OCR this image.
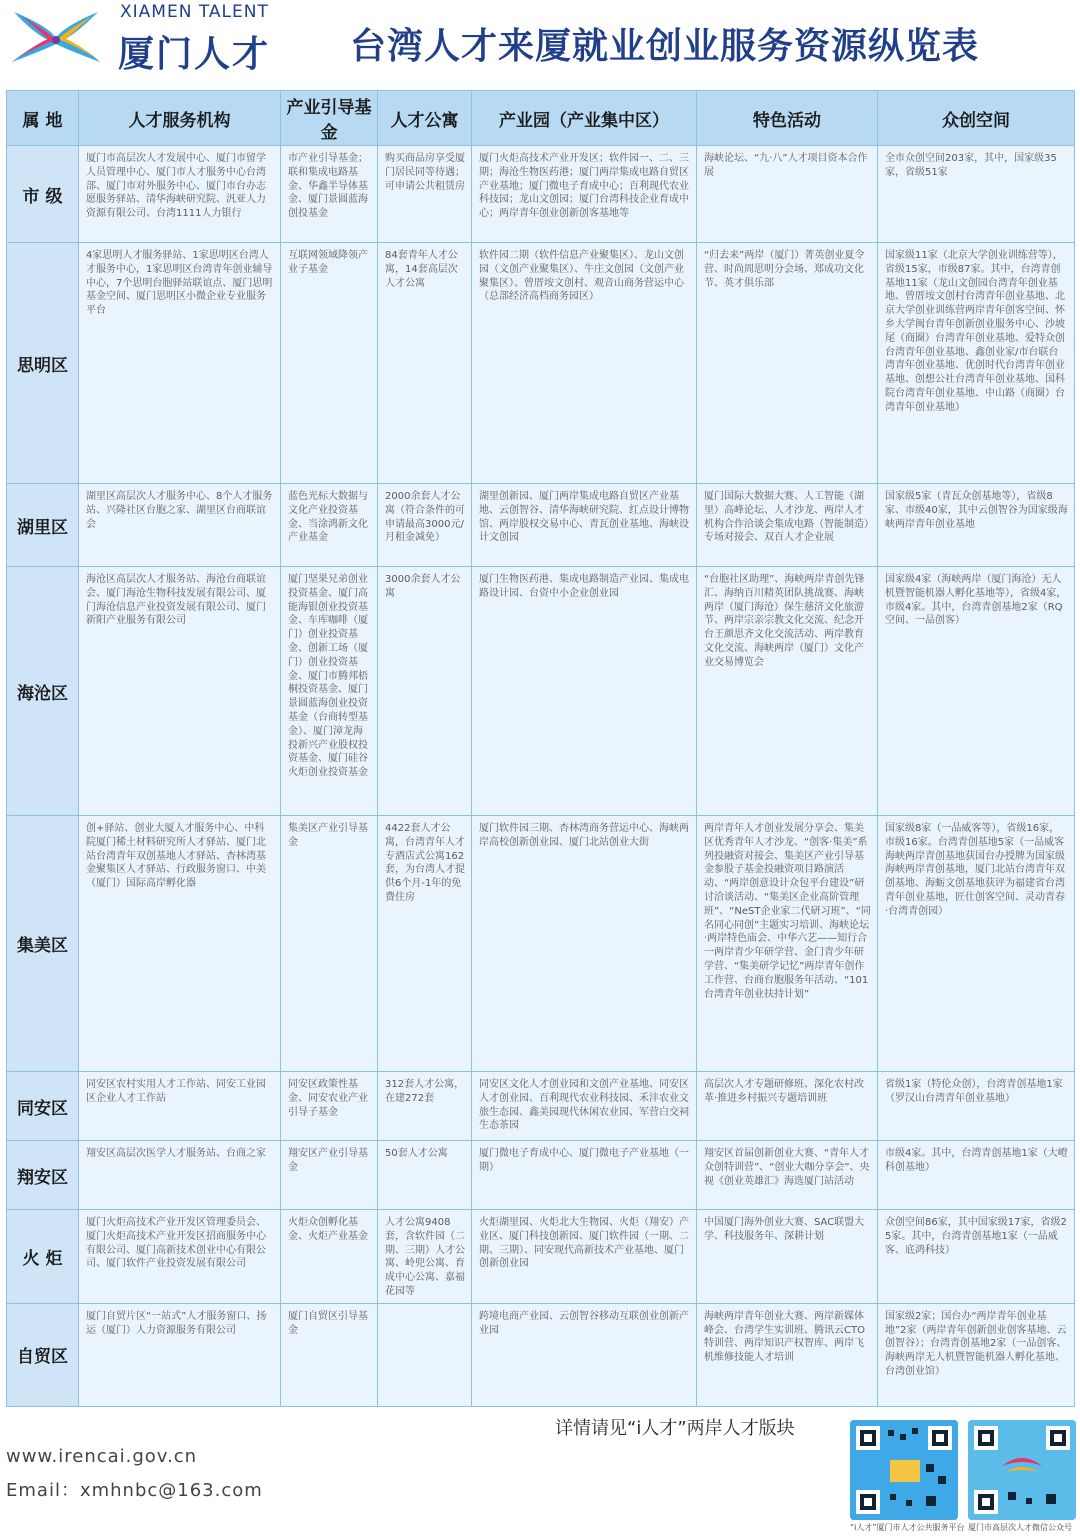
XIAMEN TALENT
厦门人才 台湾人才来厦就业创业服务资源纵览表
属 地	人才服务机构	产业引导基金	人才公寓	产业园（产业集中区）	特色活动	众创空间
市 级	厦门市高层次人才发展中心、厦门市留学人员管理中心、厦门市人才服务中心台湾部、厦门市对外服务中心、厦门市台办志愿服务驿站、清华海峡研究院、汎亚人力资源有限公司、台湾1111人力银行	市产业引导基金；联和集成电路基金、华鑫半导体基金、厦门景圆蓝海创投基金	购买商品房享受厦门居民同等待遇；可申请公共租赁房	厦门火炬高技术产业开发区；软件园一、二、三期；海沧生物医药港；厦门两岸集成电路自贸区产业基地；厦门微电子育成中心；百利现代农业科技园；龙山文创园；厦门台湾科技企业育成中心；两岸青年创业创新创客基地等	海峡论坛、“九·八”人才项目资本合作展	全市众创空间203家，其中，国家级35家，省级51家
思明区	4家思明人才服务驿站、1家思明区台湾人才服务中心，1家思明区台湾青年创业辅导中心，7个思明台胞驿站联谊点、厦门思明基金空间、厦门思明区小微企业专业服务平台	互联网领域降领产业子基金	84套青年人才公寓，14套高层次人才公寓	软件园二期（软件信息产业聚集区）、龙山文创园（文创产业聚集区）、牛庄文创园（文创产业聚集区）、曾厝垵文创村、观音山商务营运中心（总部经济高档商务园区）	“归去来”两岸（厦门）菁英创业夏令营、时尚周思明分会场、郑成功文化节、英才俱乐部	国家级11家（北京大学创业训练营等），省级15家，市级87家。其中，台湾青创基地11家（龙山文创园台湾青年创业基地、曾厝垵文创村台湾青年创业基地、北京大学创业训练营两岸青年创客空间、怀乡大学闽台青年创新创业服务中心、沙坡尾（商圈）台湾青年创业基地、爱特众创台湾青年创业基地、鑫创业家/市台联台湾青年创业基地、优创时代台湾青年创业基地、创想公社台湾青年创业基地、国科院台湾青年创业基地、中山路（商圈）台湾青年创业基地）
湖里区	湖里区高层次人才服务中心、8个人才服务站、兴隆社区台胞之家、湖里区台商联谊会	蓝色光标大数据与文化产业投资基金、当涂鸿新文化产业基金	2000余套人才公寓（符合条件的可申请最高3000元/月租金减免）	湖里创新园、厦门两岸集成电路自贸区产业基地、云创智谷、清华海峡研究院、红点设计博物馆、两岸股权交易中心、青瓦创业基地、海峡设计文创园	厦门国际大数据大赛、人工智能（湖里）高峰论坛、人才沙龙、两岸人才机构合作洽谈会集成电路（智能制造）专场对接会、双百人才企业展	国家级5家（青瓦众创基地等），省级8家、市级40家，其中云创智谷为国家级海峡两岸青年创业基地
海沧区	海沧区高层次人才服务站、海沧台商联谊会、厦门海沧生物科技发展有限公司、厦门海沧信息产业投资发展有限公司、厦门新阳产业服务有限公司	厦门坚果兄弟创业投资基金、厦门高能海银创业投资基金、车库咖啡（厦门）创业投资基金、创新工场（厦门）创业投资基金、厦门市腾邦梧桐投资基金、厦门景圆蓝海创业投资基金（台商转型基金）、厦门漳龙海投新兴产业股权投资基金、厦门硅谷火炬创业投资基金	3000余套人才公寓	厦门生物医药港、集成电路制造产业园、集成电路设计园、台资中小企业创业园	“台胞社区助理”、海峡两岸青创先锋汇、海纳百川精英团队挑战赛、海峡两岸（厦门海沧）保生慈济文化旅游节、两岸宗亲宗教文化交流、纪念开台王颜思齐文化交流活动、两岸教育文化交流、海峡两岸（厦门）文化产业交易博览会	国家级4家（海峡两岸（厦门海沧）无人机暨智能机器人孵化基地等），省级4家，市级4家。其中，台湾青创基地2家（RQ空间、一品创客）
集美区	创+驿站、创业大厦人才服务中心、中科院厦门稀土材料研究所人才驿站、厦门北站台湾青年双创基地人才驿站、杏林湾基金聚集区人才驿站、行政服务窗口、中美（厦门）国际高岸孵化器	集美区产业引导基金	4422套人才公寓，台湾青年人才专酒店式公寓162套，为台湾人才提供6个月-1年的免费住房	厦门软件园三期、杏林湾商务营运中心、海峡两岸高校创新创业园、厦门北站创业大街	两岸青年人才创业发展分享会、集美区优秀青年人才沙龙、“创客·集美”系列投融资对接会、集美区产业引导基金参股子基金投融资项目路演活动、“两岸创意设计众包平台建设”研讨洽谈活动、“集美区企业高阶管理班”、“NeST企业家二代研习班”、“同名同心同创”主题实习培训、海峡论坛·两岸特色庙会、中华六艺——知行合一两岸青少年研学营、金门青少年研学营、“集美研学记忆”两岸青年创作工作营、台商台胞服务年活动、“101台湾青年创业扶持计划”	国家级8家（一品威客等），省级16家，市级16家。台湾青创基地5家（一品威客海峡两岸青创基地获国台办授牌为国家级海峡两岸青创基地，厦门北站台湾青年双创基地、海蛎文创基地获评为福建省台湾青年创业基地，匠仕创客空间、灵动青春·台湾青创园）
同安区	同安区农村实用人才工作站、同安工业园区企业人才工作站	同安区政策性基金、同安农业产业引导子基金	312套人才公寓，在建272套	同安区文化人才创业园和文创产业基地、同安区人才创业园、百利现代农业科技园、禾沣农业文旅生态园、鑫美园现代休闲农业园、军营白交祠生态茶园	高层次人才专题研修班、深化农村改革·推进乡村振兴专题培训班	省级1家（特伦众创），台湾青创基地1家（罗汉山台湾青年创业基地）
翔安区	翔安区高层次医学人才服务站、台商之家	翔安区产业引导基金	50套人才公寓	厦门微电子育成中心、厦门微电子产业基地（一期）	翔安区首届创新创业大赛、“青年人才众创特训营”、“创业大咖分享会”、央视《创业英雄汇》海选厦门站活动	市级4家。其中，台湾青创基地1家（大嶝科创基地）
火 炬	厦门火炬高技术产业开发区管理委员会、厦门火炬高技术产业开发区招商服务中心有限公司、厦门高新技术创业中心有限公司、厦门软件产业投资发展有限公司	火炬众创孵化基金、火炬产业基金	人才公寓9408套，含软件园（二期、三期）人才公寓、岭兜公寓、育成中心公寓、嘉福花园等	火炬湖里园、火炬北大生物园、火炬（翔安）产业区、厦门科技创新园、厦门软件园（一期、二期、三期）、同安现代高新技术产业基地、厦门创新创业园	中国厦门海外创业大赛、SAC联盟大学、科技服务年、深耕计划	众创空间86家，其中国家级17家，省级25家。其中，台湾青创基地1家（一品威客、底鸿科技）
自贸区	厦门自贸片区“一站式”人才服务窗口、扬运（厦门）人力资源服务有限公司	厦门自贸区引导基金		跨境电商产业园、云创智谷移动互联创业创新产业园	海峡两岸青年创业大赛、两岸新媒体峰会、台湾学生实训班、腾讯云CTO特训营、两岸知识产权智库、两岸飞机维修技能人才培训	国家级2家；国台办“两岸青年创业基地”2家（两岸青年创新创业创客基地、云创智谷）；台湾青创基地2家（一品创客、海峡两岸无人机暨智能机器人孵化基地、台湾创业馆）
详情请见“i人才”两岸人才版块
www.irencai.gov.cn
Email：xmhnbc@163.com
“i人才”厦门市人才公共服务平台 厦门市高层次人才微信公众号
